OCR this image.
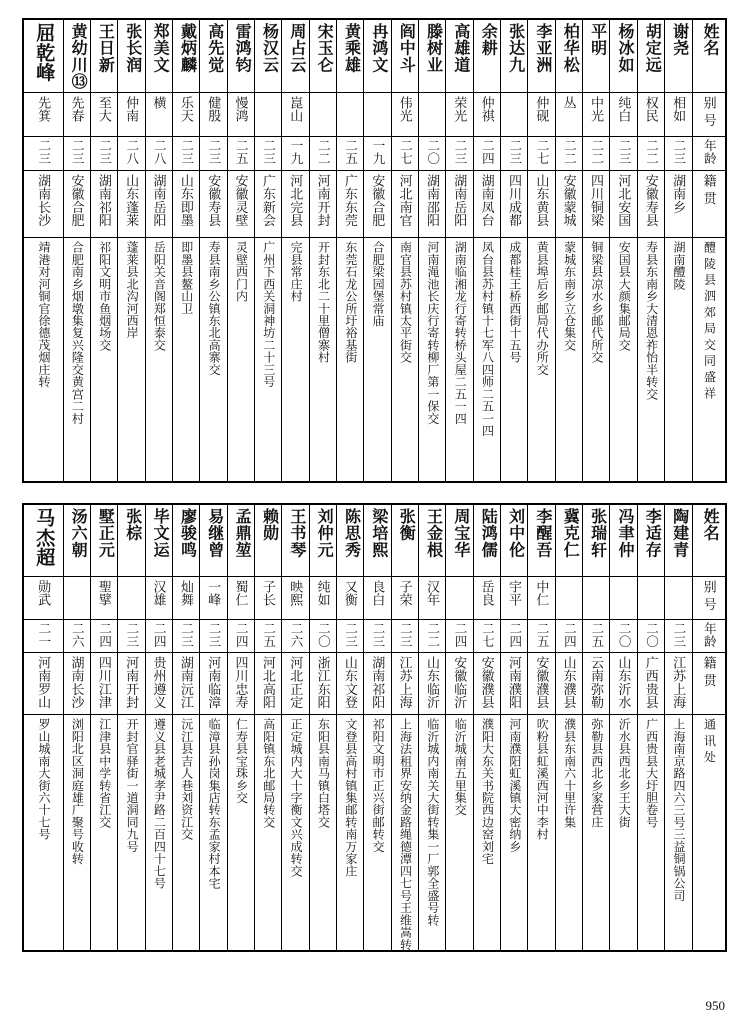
屈乾峰	黄幼川⑬	王日新	张长润	郑美文	戴炳麟	高先觉	雷鸿钧	杨汉云	周占云	宋玉仑	黄乘雄	冉鸿文	阎中斗	滕树业	高雄道	余耕	张达九	李亚洲	柏华松	平明	杨冰如	胡定远	谢尧	姓名

先箕	先春	至大	仲南	横	乐天	健殷	慢鸿		崑山				伟光		荣光	仲祺		仲砚	丛	中光	纯白	权民	相如	别号

二三	二三	二三	二八	二八	二三	二三	二五	二三	一九	二二	二五	一九	二七	二〇	二三	二四	二三	二七	二二	二二	二三	二二	二三	年龄

湖南长沙	安徽合肥	湖南祁阳	山东蓬莱	湖南岳阳	山东即墨	安徽寿县	安徽灵壁	广东新会	河北完县	河南开封	广东东莞	安徽合肥	河北南官	湖南邵阳	湖南岳阳	湖南凤台	四川成都	山东黄县	安徽蒙城	四川铜梁	河北安国	安徽寿县	湖南乡	籍贯

靖港对河铜官徐德茂烟庄转	合肥南乡烟墩集复兴隆交黄宫二村	祁阳文明市鱼烟场交	蓬莱县北沟河西岸	岳阳关音阁郑恒泰交	即墨县鳌山卫	寿县南乡公镇东北高寨交	灵壁西门内	广州下西关洞神坊二十三号	完县常庄村	开封东北二十里僧寨村	东莞石龙公所圩裕基街	合肥梁园堡常庙	南官县苏村镇太平街交	河南渑池长庆行寄转柳厂第一保交	湖南临湘龙行寄转桥头屋二五一四	凤台县苏村镇十七军八四师二五一四	成都桂王桥西街十五号	黄县埠后乡邮局代办所交	蒙城东南乡立仓集交	铜梁县凉水乡邮代所交	安国县大颜集邮局交	寿县东南乡大清恩祚怡半转交	湖南醴陵	醴陵县泗郊局交同盛祥
马杰超	汤六朝	墅正元	张棕	毕文运	廖骏鸣	易继曾	孟鼎堃	赖勋	王书琴	刘仲元	陈思秀	梁培熙	张衡	王金根	周宝华	陆鸿儒	刘中伦	李醒吾	冀克仁	张瑞轩	冯聿仲	李适存	陶建青	姓名

勋武		聖擘		汉雄	灿舞	一峰	蜀仁	子长	映熙	纯如	又衡	良白	子荣	汉年		岳良	宇平	中仁						别号

二一	二六	二四	二三	二四	二三	二三	二四	二五	二六	二〇	二三	二三	二三	二二	二四	二七	二四	二五	二四	二五	二〇	二〇	二三	年龄

河南罗山	湖南长沙	四川江津	河南开封	贵州遵义	湖南沅江	河南临漳	四川忠寿	河北高阳	河北正定	浙江东阳	山东文登	湖南祁阳	江苏上海	山东临沂	安徽临沂	安徽濮县	河南濮阳	安徽濮县	山东濮县	云南弥勒	山东沂水	广西贵县	江苏上海	籍贯

罗山城南大街六十七号	浏阳北区洞庭雄广聚号收转	江津县中学转省江交	开封官驿街一道洞同九号	遵义县老城孝尹路二百四十七号	沅江县吉人巷刘资江交	临漳县孙岗集店转东孟家村本宅	仁寿县宝珠乡交	高阳镇东北邮局转交	正定城内大十字衡文兴成转交	东阳县南马镇白塔交	文登县高村镇集邮转南万家庄	祁阳文明市正兴街邮转交	上海法租界安纳金路绳德潭四七号王维嵩转	临沂城内南关大街转集一厂郭全盛号转	临沂城南五里集交	濮阳大东关书院西边窑刘宅	河南濮阳虹溪镇大密纳乡	吹粉县虹溪西河中李村	濮县东南六十里许集	弥勒县西北乡家营庄	沂水县西北乡王大街	广西贵县大圩胆卷号	上海南京路四六三号三益铜锅公司	通讯处
950
